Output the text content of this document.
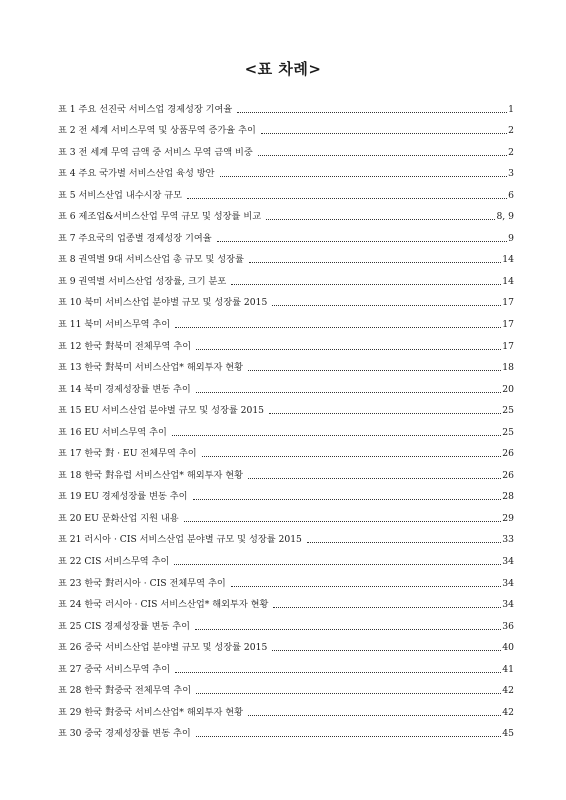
<표 차례>
표 1 주요 선진국 서비스업 경제성장 기여율	1
표 2 전 세계 서비스무역 및 상품무역 증가율 추이	2
표 3 전 세계 무역 금액 중 서비스 무역 금액 비중	2
표 4 주요 국가별 서비스산업 육성 방안	3
표 5 서비스산업 내수시장 규모	6
표 6 제조업&서비스산업 무역 규모 및 성장률 비교	8, 9
표 7 주요국의 업종별 경제성장 기여율	9
표 8 권역별 9대 서비스산업 총 규모 및 성장률	14
표 9 권역별 서비스산업 성장률, 크기 분포	14
표 10 북미 서비스산업 분야별 규모 및 성장률 2015	17
표 11 북미 서비스무역 추이	17
표 12 한국 對북미 전체무역 추이	17
표 13 한국 對북미 서비스산업* 해외투자 현황	18
표 14 북미 경제성장률 변동 추이	20
표 15 EU 서비스산업 분야별 규모 및 성장률 2015	25
표 16 EU 서비스무역 추이	25
표 17 한국 對 · EU 전체무역 추이	26
표 18 한국 對유럽 서비스산업* 해외투자 현황	26
표 19 EU 경제성장률 변동 추이	28
표 20 EU 문화산업 지원 내용	29
표 21 러시아 · CIS 서비스산업 분야별 규모 및 성장률 2015	33
표 22 CIS 서비스무역 추이	34
표 23 한국 對러시아 · CIS 전체무역 추이	34
표 24 한국 러시아 · CIS 서비스산업* 해외투자 현황	34
표 25 CIS 경제성장률 변동 추이	36
표 26 중국 서비스산업 분야별 규모 및 성장률 2015	40
표 27 중국 서비스무역 추이	41
표 28 한국 對중국 전체무역 추이	42
표 29 한국 對중국 서비스산업* 해외투자 현황	42
표 30 중국 경제성장률 변동 추이	45
